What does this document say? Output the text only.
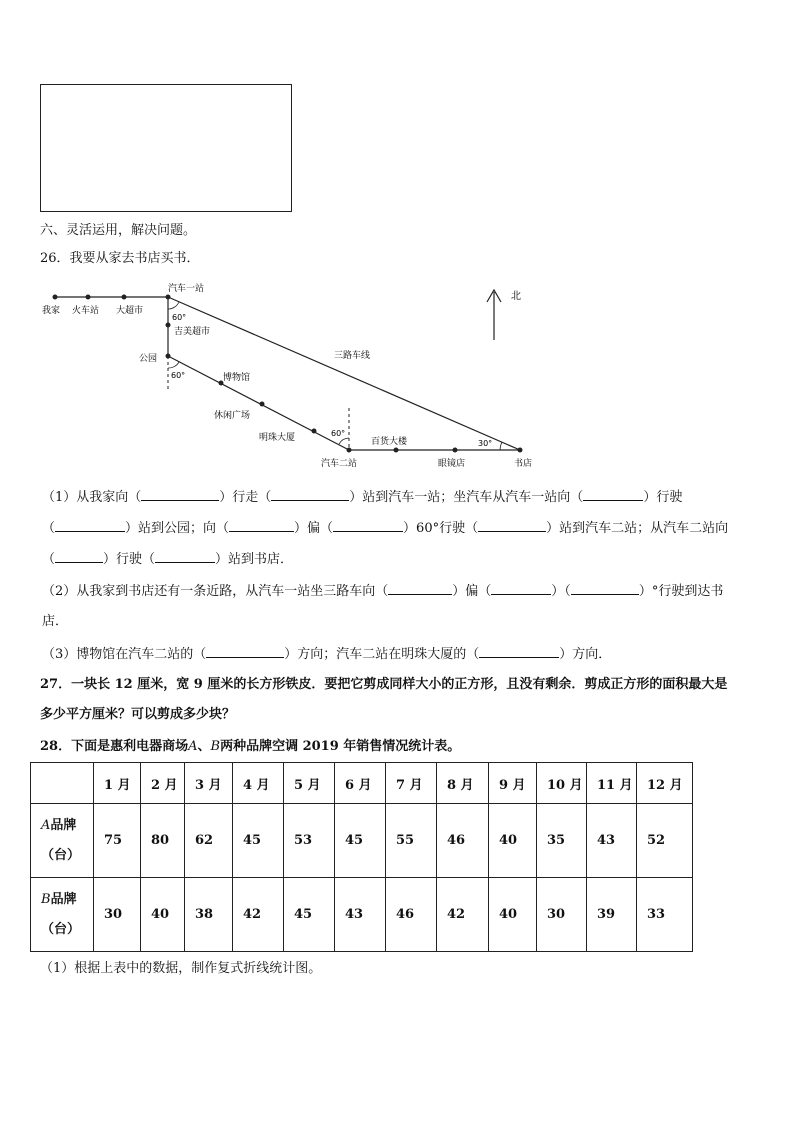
六、灵活运用，解决问题。
26．我要从家去书店买书．
北
我家 火车站 大超市
汽车一站
60°
吉美超市
公园
60°	博物馆
休闲广场
明珠大厦	60°
汽车二站
百货大楼
眼镜店	书店
30°
三路车线
（1）从我家向（	）行走（	）站到汽车一站；坐汽车从汽车一站向（	）行驶
（	）站到公园；向（	）偏（	）60°行驶（	）站到汽车二站；从汽车二站向
（	）行驶（	）站到书店．
（2）从我家到书店还有一条近路，从汽车一站坐三路车向（	）偏（	）（	）°行驶到达书
店．
（3）博物馆在汽车二站的（	）方向；汽车二站在明珠大厦的（	）方向．
27．一块长 12 厘米，宽 9 厘米的长方形铁皮．要把它剪成同样大小的正方形，且没有剩余．剪成正方形的面积最大是
多少平方厘米？可以剪成多少块？
28．下面是惠利电器商场A、B两种品牌空调 2019 年销售情况统计表。
	1 月	2 月	3 月	4 月	5 月	6 月	7 月	8 月	9 月	10 月	11 月	12 月
A品牌
（台）	75	80	62	45	53	45	55	46	40	35	43	52
B品牌
（台）	30	40	38	42	45	43	46	42	40	30	39	33
（1）根据上表中的数据，制作复式折线统计图。
